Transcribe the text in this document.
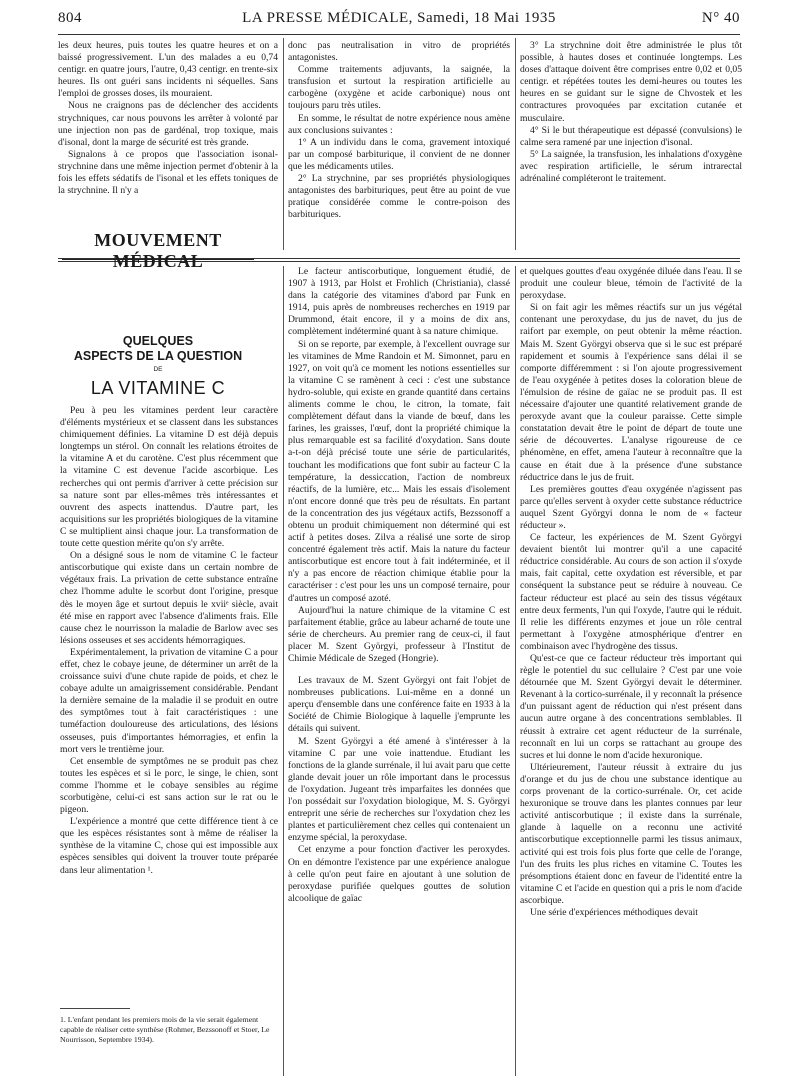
804	LA PRESSE MÉDICALE, Samedi, 18 Mai 1935	N° 40

les deux heures, puis toutes les quatre heures et on a baissé progressivement. L'un des malades a eu 0,74 centigr. en quatre jours, l'autre, 0,43 centigr. en trente-six heures. Ils ont guéri sans incidents ni séquelles. Sans l'emploi de grosses doses, ils mouraient.

Nous ne craignons pas de déclencher des accidents strychniques, car nous pouvons les arrêter à volonté par une injection non pas de gardénal, trop toxique, mais d'isonal, dont la marge de sécurité est très grande.

Signalons à ce propos que l'association isonal-strychnine dans une même injection permet d'obtenir à la fois les effets sédatifs de l'isonal et les effets toniques de la strychnine. Il n'y a

donc pas neutralisation in vitro de propriétés antagonistes.

Comme traitements adjuvants, la saignée, la transfusion et surtout la respiration artificielle au carbogène (oxygène et acide carbonique) nous ont toujours paru très utiles.

En somme, le résultat de notre expérience nous amène aux conclusions suivantes :

1° A un individu dans le coma, gravement intoxiqué par un composé barbiturique, il convient de ne donner que les médicaments utiles.

2° La strychnine, par ses propriétés physiologiques antagonistes des barbituriques, peut être au point de vue pratique considérée comme le contre-poison des barbituriques.

3° La strychnine doit être administrée le plus tôt possible, à hautes doses et continuée longtemps. Les doses d'attaque doivent être comprises entre 0,02 et 0,05 centigr. et répétées toutes les demi-heures ou toutes les heures en se guidant sur le signe de Chvostek et les contractures provoquées par excitation cutanée et musculaire.

4° Si le but thérapeutique est dépassé (convulsions) le calme sera ramené par une injection d'isonal.

5° La saignée, la transfusion, les inhalations d'oxygène avec respiration artificielle, le sérum intrarectal adrénaliné compléteront le traitement.

MOUVEMENT MÉDICAL
QUELQUES
ASPECTS DE LA QUESTION
DE
LA VITAMINE C

Peu à peu les vitamines perdent leur caractère d'éléments mystérieux et se classent dans les substances chimiquement définies. La vitamine D est déjà depuis longtemps un stérol. On connaît les relations étroites de la vitamine A et du carotène. C'est plus récemment que la vitamine C est devenue l'acide ascorbique. Les recherches qui ont permis d'arriver à cette précision sur sa nature sont par elles-mêmes très intéressantes et ouvrent des aspects inattendus. D'autre part, les acquisitions sur les propriétés biologiques de la vitamine C se multiplient ainsi chaque jour. La transformation de toute cette question mérite qu'on s'y arrête.

On a désigné sous le nom de vitamine C le facteur antiscorbutique qui existe dans un certain nombre de végétaux frais. La privation de cette substance entraîne chez l'homme adulte le scorbut dont l'origine, presque dès le moyen âge et surtout depuis le xviiᵉ siècle, avait été mise en rapport avec l'absence d'aliments frais. Elle cause chez le nourrisson la maladie de Barlow avec ses lésions osseuses et ses accidents hémorragiques.

Expérimentalement, la privation de vitamine C a pour effet, chez le cobaye jeune, de déterminer un arrêt de la croissance suivi d'une chute rapide de poids, et chez le cobaye adulte un amaigrissement considérable. Pendant la dernière semaine de la maladie il se produit en outre des symptômes tout à fait caractéristiques : une tuméfaction douloureuse des articulations, des lésions osseuses, puis d'importantes hémorragies, et enfin la mort vers le trentième jour.

Cet ensemble de symptômes ne se produit pas chez toutes les espèces et si le porc, le singe, le chien, sont comme l'homme et le cobaye sensibles au régime scorbutigène, celui-ci est sans action sur le rat ou le pigeon.

L'expérience a montré que cette différence tient à ce que les espèces résistantes sont à même de réaliser la synthèse de la vitamine C, chose qui est impossible aux espèces sensibles qui doivent la trouver toute préparée dans leur alimentation ¹.

1. L'enfant pendant les premiers mois de la vie serait également capable de réaliser cette synthèse (Rohmer, Bezssonoff et Stoer, Le Nourrisson, Septembre 1934).

Le facteur antiscorbutique, longuement étudié, de 1907 à 1913, par Holst et Frohlich (Christiania), classé dans la catégorie des vitamines d'abord par Funk en 1914, puis après de nombreuses recherches en 1919 par Drummond, était encore, il y a moins de dix ans, complètement indéterminé quant à sa nature chimique.

Si on se reporte, par exemple, à l'excellent ouvrage sur les vitamines de Mme Randoin et M. Simonnet, paru en 1927, on voit qu'à ce moment les notions essentielles sur la vitamine C se ramènent à ceci : c'est une substance hydro-soluble, qui existe en grande quantité dans certains aliments comme le chou, le citron, la tomate, fait complètement défaut dans la viande de bœuf, dans les farines, les graisses, l'œuf, dont la propriété chimique la plus remarquable est sa facilité d'oxydation. Sans doute a-t-on déjà précisé toute une série de particularités, touchant les modifications que font subir au facteur C la température, la dessiccation, l'action de nombreux réactifs, de la lumière, etc... Mais les essais d'isolement n'ont encore donné que très peu de résultats. En partant de la concentration des jus végétaux actifs, Bezssonoff a obtenu un produit chimiquement non déterminé qui est actif à petites doses. Zilva a réalisé une sorte de sirop concentré également très actif. Mais la nature du facteur antiscorbutique est encore tout à fait indéterminée, et il n'y a pas encore de réaction chimique établie pour la caractériser : c'est pour les uns un composé ternaire, pour d'autres un composé azoté.

Aujourd'hui la nature chimique de la vitamine C est parfaitement établie, grâce au labeur acharné de toute une série de chercheurs. Au premier rang de ceux-ci, il faut placer M. Szent Györgyi, professeur à l'Institut de Chimie Médicale de Szeged (Hongrie).

Les travaux de M. Szent Györgyi ont fait l'objet de nombreuses publications. Lui-même en a donné un aperçu d'ensemble dans une conférence faite en 1933 à la Société de Chimie Biologique à laquelle j'emprunte les détails qui suivent.

M. Szent Györgyi a été amené à s'intéresser à la vitamine C par une voie inattendue. Etudiant les fonctions de la glande surrénale, il lui avait paru que cette glande devait jouer un rôle important dans le processus de l'oxydation. Jugeant très imparfaites les données que l'on possédait sur l'oxydation biologique, M. S. Györgyi entreprit une série de recherches sur l'oxydation chez les plantes et particulièrement chez celles qui contenaient un enzyme spécial, la peroxydase.

Cet enzyme a pour fonction d'activer les peroxydes. On en démontre l'existence par une expérience analogue à celle qu'on peut faire en ajoutant à une solution de peroxydase purifiée quelques gouttes de solution alcoolique de gaïac

et quelques gouttes d'eau oxygénée diluée dans l'eau. Il se produit une couleur bleue, témoin de l'activité de la peroxydase.

Si on fait agir les mêmes réactifs sur un jus végétal contenant une peroxydase, du jus de navet, du jus de raifort par exemple, on peut obtenir la même réaction. Mais M. Szent Györgyi observa que si le suc est préparé rapidement et soumis à l'expérience sans délai il se comporte différemment : si l'on ajoute progressivement de l'eau oxygénée à petites doses la coloration bleue de l'émulsion de résine de gaïac ne se produit pas. Il est nécessaire d'ajouter une quantité relativement grande de peroxyde avant que la couleur paraisse. Cette simple constatation devait être le point de départ de toute une série de découvertes. L'analyse rigoureuse de ce phénomène, en effet, amena l'auteur à reconnaître que la cause en était due à la présence d'une substance réductrice dans le jus de fruit.

Les premières gouttes d'eau oxygénée n'agissent pas parce qu'elles servent à oxyder cette substance réductrice auquel Szent Györgyi donna le nom de « facteur réducteur ».

Ce facteur, les expériences de M. Szent Györgyi devaient bientôt lui montrer qu'il a une capacité réductrice considérable. Au cours de son action il s'oxyde mais, fait capital, cette oxydation est réversible, et par conséquent la substance peut se réduire à nouveau. Ce facteur réducteur est placé au sein des tissus végétaux entre deux ferments, l'un qui l'oxyde, l'autre qui le réduit. Il relie les différents enzymes et joue un rôle central permettant à l'oxygène atmosphérique d'entrer en combinaison avec l'hydrogène des tissus.

Qu'est-ce que ce facteur réducteur très important qui règle le potentiel du suc cellulaire ? C'est par une voie détournée que M. Szent Györgyi devait le déterminer. Revenant à la cortico-surrénale, il y reconnaît la présence d'un puissant agent de réduction qui n'est présent dans aucun autre organe à des concentrations semblables. Il réussit à extraire cet agent réducteur de la surrénale, reconnaît en lui un corps se rattachant au groupe des sucres et lui donne le nom d'acide hexuronique.

Ultérieurement, l'auteur réussit à extraire du jus d'orange et du jus de chou une substance identique au corps provenant de la cortico-surrénale. Or, cet acide hexuronique se trouve dans les plantes connues par leur activité antiscorbutique ; il existe dans la surrénale, glande à laquelle on a reconnu une activité antiscorbutique exceptionnelle parmi les tissus animaux, activité qui est trois fois plus forte que celle de l'orange, l'un des fruits les plus riches en vitamine C. Toutes les présomptions étaient donc en faveur de l'identité entre la vitamine C et l'acide en question qui a pris le nom d'acide ascorbique.

Une série d'expériences méthodiques devait
